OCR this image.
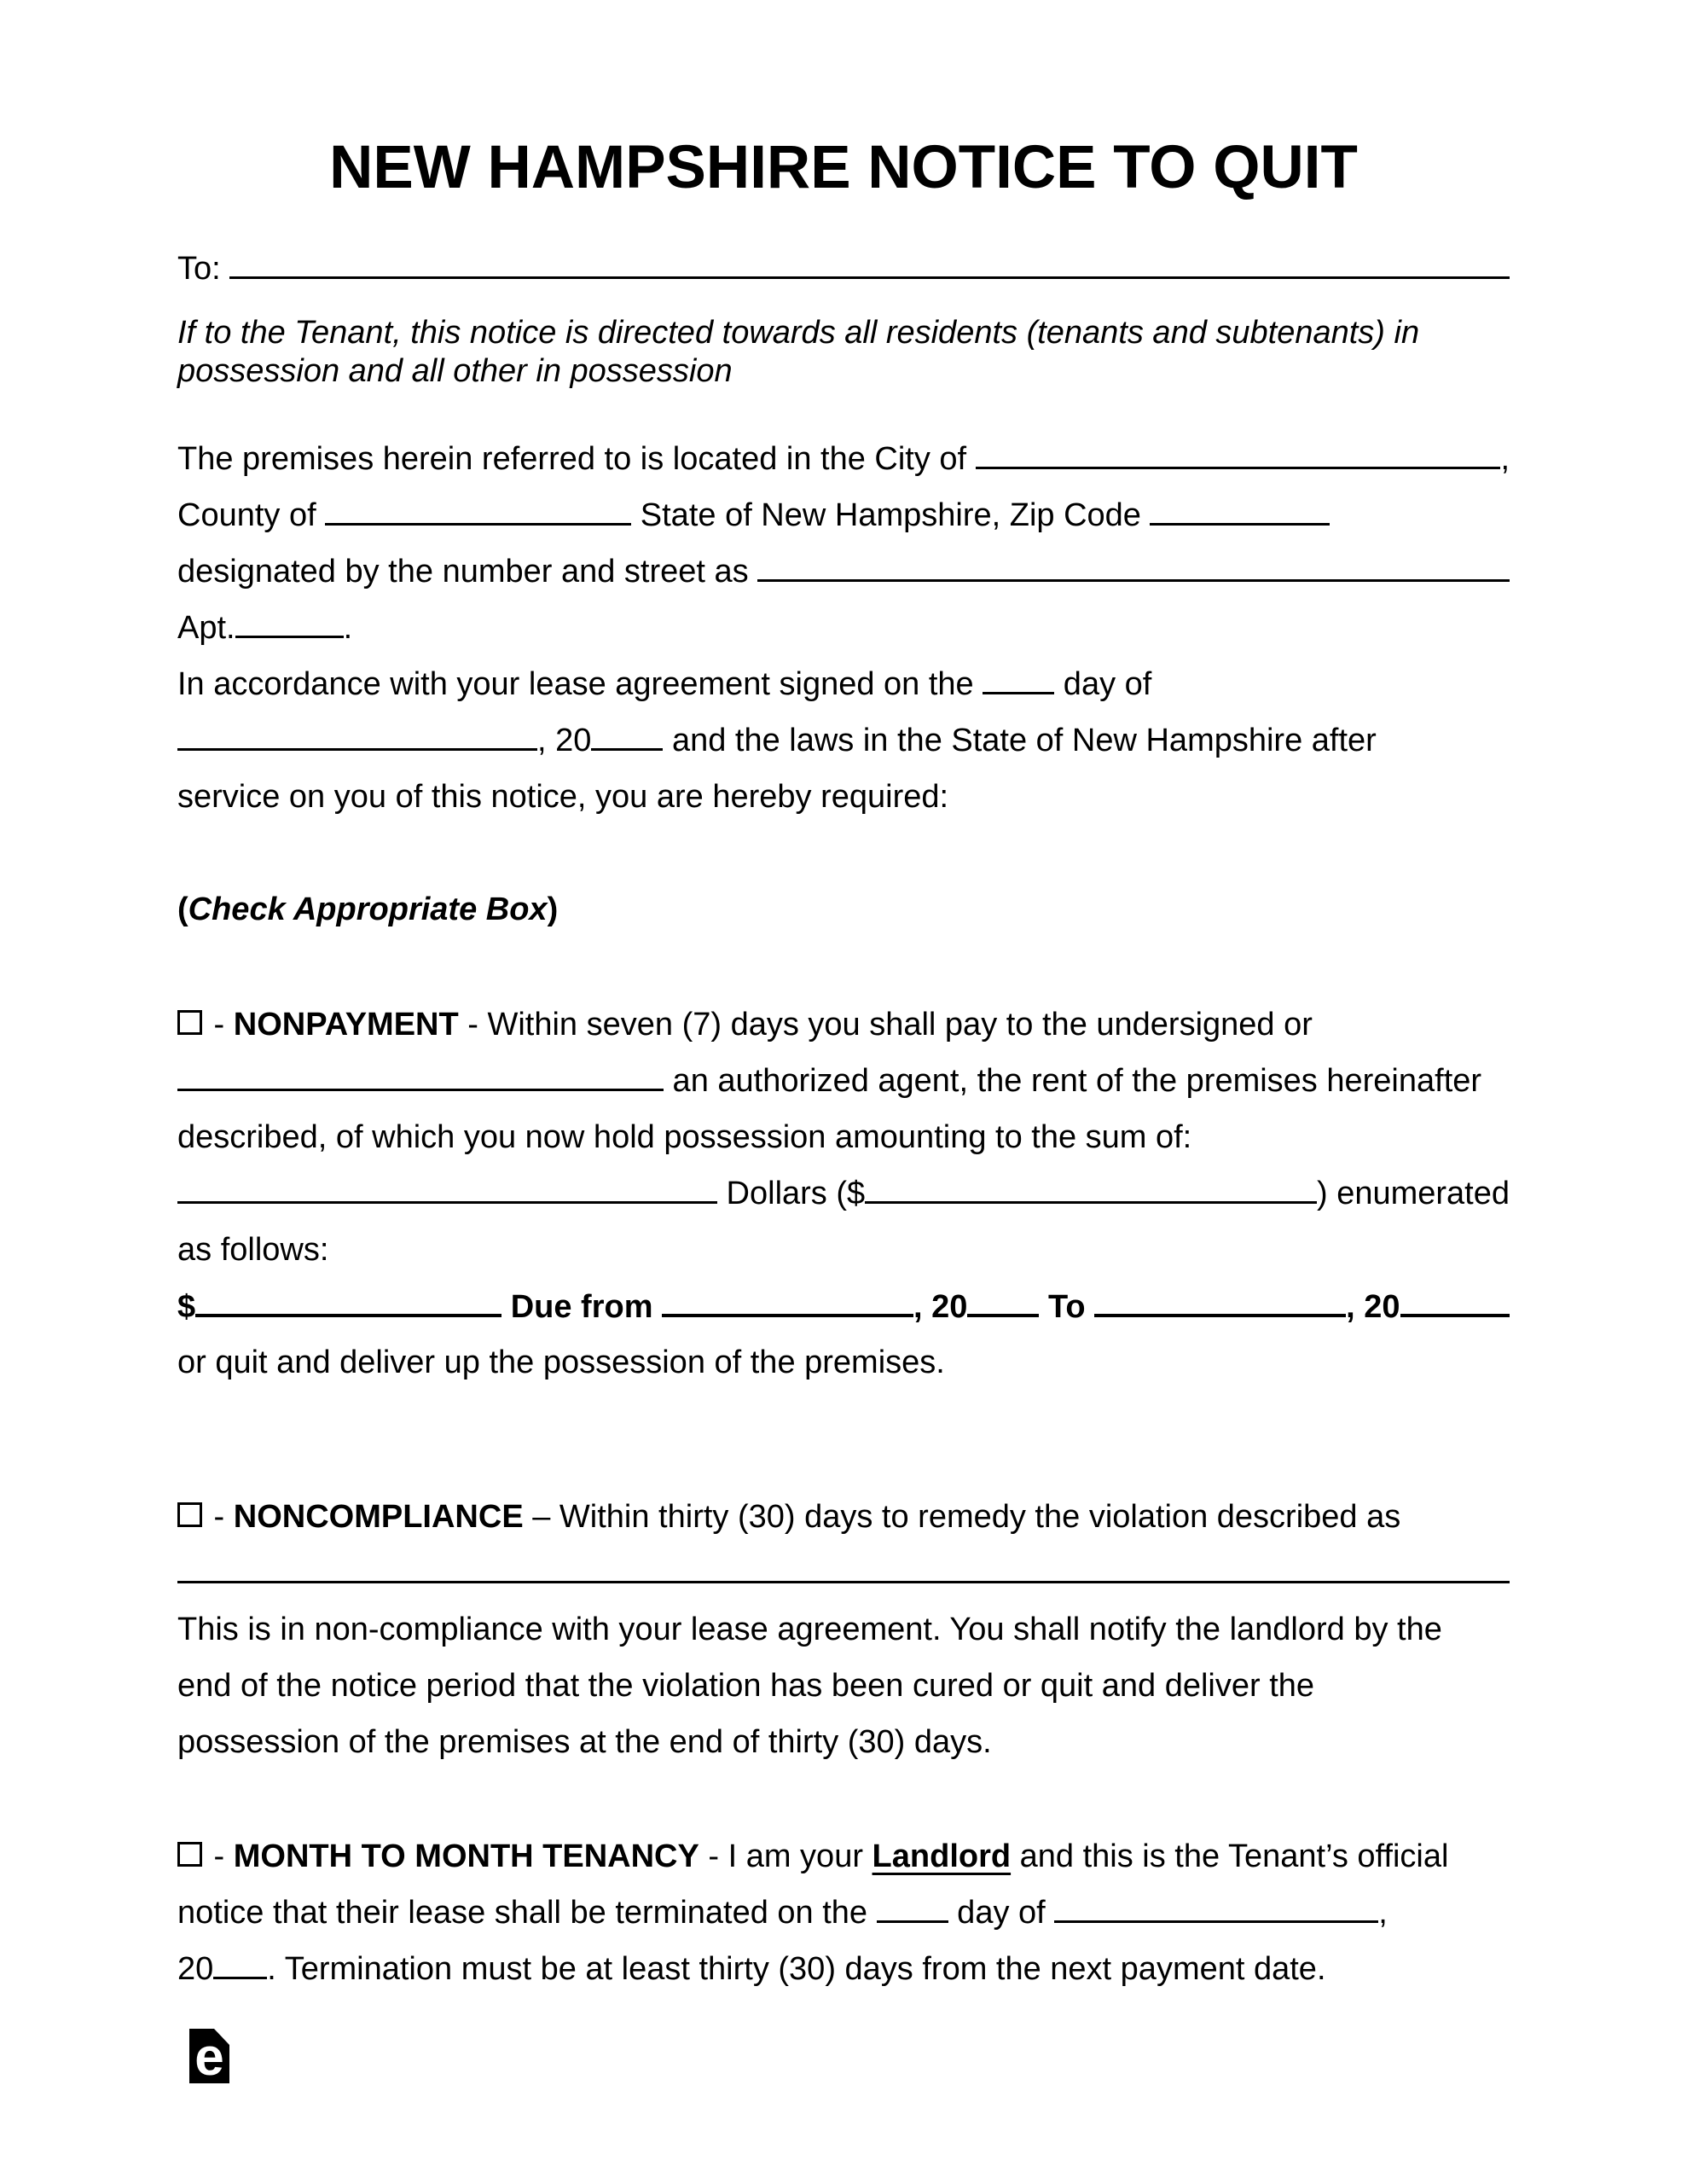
NEW HAMPSHIRE NOTICE TO QUIT
To:
If to the Tenant, this notice is directed towards all residents (tenants and subtenants) in
possession and all other in possession
The premises herein referred to is located in the City of	,
County of	State of New Hampshire, Zip Code
designated by the number and street as
Apt.	.
In accordance with your lease agreement signed on the day of
, 20 and the laws in the State of New Hampshire after
service on you of this notice, you are hereby required:
( Check Appropriate Box )
- NONPAYMENT - Within seven (7) days you shall pay to the undersigned or
an authorized agent, the rent of the premises hereinafter
described, of which you now hold possession amounting to the sum of:
Dollars ($	) enumerated
as follows:
$	Due from	, 20 To	, 20
or quit and deliver up the possession of the premises.
- NONCOMPLIANCE – Within thirty (30) days to remedy the violation described as
This is in non-compliance with your lease agreement. You shall notify the landlord by the
end of the notice period that the violation has been cured or quit and deliver the
possession of the premises at the end of thirty (30) days.
- MONTH TO MONTH TENANCY - I am your Landlord and this is the Tenant’s official
notice that their lease shall be terminated on the day of	,
20 . Termination must be at least thirty (30) days from the next payment date.
e
